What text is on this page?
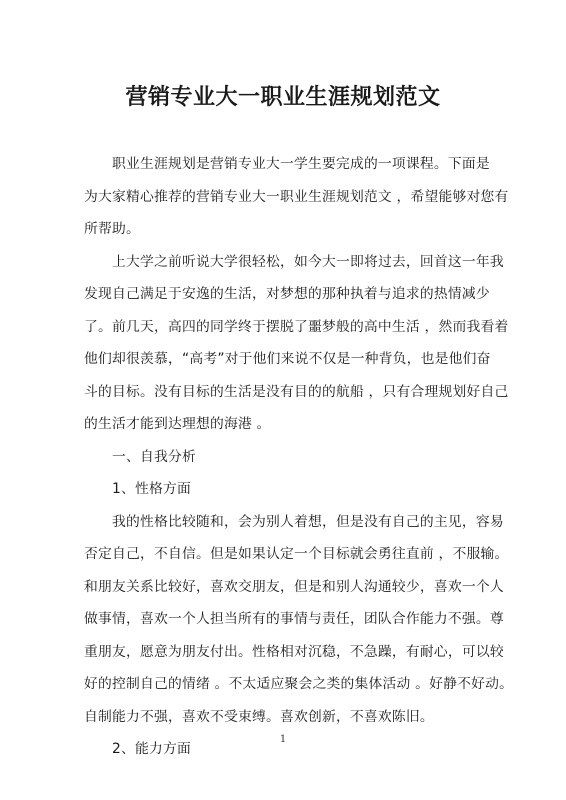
营销专业大一职业生涯规划范文
职业生涯规划是营销专业大一学生要完成的一项课程。下面是
为大家精心推荐的营销专业大一职业生涯规划范文 ，希望能够对您有
所帮助。
上大学之前听说大学很轻松，如今大一即将过去，回首这一年我
发现自己满足于安逸的生活，对梦想的那种执着与追求的热情减少
了。前几天，高四的同学终于摆脱了噩梦般的高中生活 ，然而我看着
他们却很羡慕，“高考”对于他们来说不仅是一种背负，也是他们奋
斗的目标。没有目标的生活是没有目的的航船 ，只有合理规划好自己
的生活才能到达理想的海港 。
一、自我分析
1、性格方面
我的性格比较随和，会为别人着想，但是没有自己的主见，容易
否定自己，不自信。但是如果认定一个目标就会勇往直前 ，不服输。
和朋友关系比较好，喜欢交朋友，但是和别人沟通较少，喜欢一个人
做事情，喜欢一个人担当所有的事情与责任，团队合作能力不强。尊
重朋友，愿意为朋友付出。性格相对沉稳，不急躁，有耐心，可以较
好的控制自己的情绪 。不太适应聚会之类的集体活动 。好静不好动。
自制能力不强，喜欢不受束缚。喜欢创新，不喜欢陈旧。
2、能力方面
1
